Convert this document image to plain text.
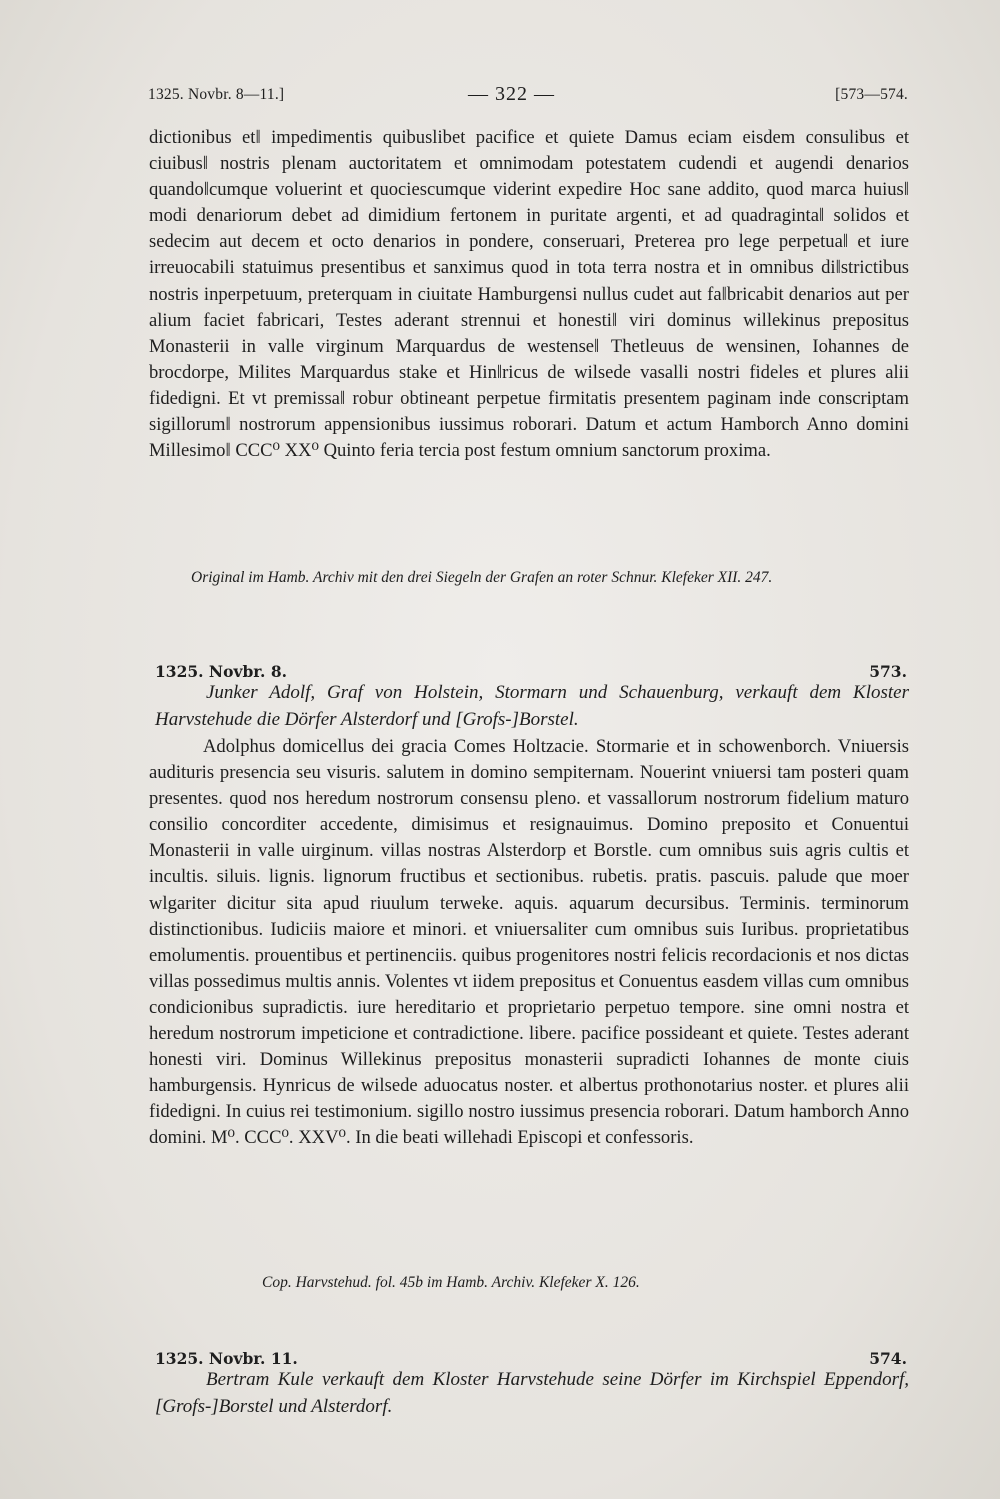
1325. Novbr. 8—11.]	— 322 —	[573—574.
dictionibus et‖ impedimentis quibuslibet pacifice et quiete Damus eciam eisdem consulibus et ciuibus‖ nostris plenam auctoritatem et omnimodam potestatem cudendi et augendi denarios quando‖cumque voluerint et quociescumque viderint expedire Hoc sane addito, quod marca huius‖ modi denariorum debet ad dimidium fertonem in puritate argenti, et ad quadraginta‖ solidos et sedecim aut decem et octo denarios in pondere, conseruari, Preterea pro lege perpetua‖ et iure irreuocabili statuimus presentibus et sanximus quod in tota terra nostra et in omnibus di‖strictibus nostris inperpetuum, preterquam in ciuitate Hamburgensi nullus cudet aut fa‖bricabit denarios aut per alium faciet fabricari, Testes aderant strennui et honesti‖ viri dominus willekinus prepositus Monasterii in valle virginum Marquardus de westense‖ Thetleuus de wensinen, Iohannes de brocdorpe, Milites Marquardus stake et Hin‖ricus de wilsede vasalli nostri fideles et plures alii fidedigni. Et vt premissa‖ robur obtineant perpetue firmitatis presentem paginam inde conscriptam sigillorum‖ nostrorum appensionibus iussimus roborari. Datum et actum Hamborch Anno domini Millesimo‖ CCC⁰ XX⁰ Quinto feria tercia post festum omnium sanctorum proxima.
Original im Hamb. Archiv mit den drei Siegeln der Grafen an roter Schnur. Klefeker XII. 247.
1325. Novbr. 8.	573.
Junker Adolf, Graf von Holstein, Stormarn und Schauenburg, verkauft dem Kloster Harvstehude die Dörfer Alsterdorf und [Grofs-]Borstel.
Adolphus domicellus dei gracia Comes Holtzacie. Stormarie et in schowenborch. Vniuersis audituris presencia seu visuris. salutem in domino sempiternam. Nouerint vniuersi tam posteri quam presentes. quod nos heredum nostrorum consensu pleno. et vassallorum nostrorum fidelium maturo consilio concorditer accedente, dimisimus et resignauimus. Domino preposito et Conuentui Monasterii in valle uirginum. villas nostras Alsterdorp et Borstle. cum omnibus suis agris cultis et incultis. siluis. lignis. lignorum fructibus et sectionibus. rubetis. pratis. pascuis. palude que moer wlgariter dicitur sita apud riuulum terweke. aquis. aquarum decursibus. Terminis. terminorum distinctionibus. Iudiciis maiore et minori. et vniuersaliter cum omnibus suis Iuribus. proprietatibus emolumentis. prouentibus et pertinenciis. quibus progenitores nostri felicis recordacionis et nos dictas villas possedimus multis annis. Volentes vt iidem prepositus et Conuentus easdem villas cum omnibus condicionibus supradictis. iure hereditario et proprietario perpetuo tempore. sine omni nostra et heredum nostrorum impeticione et contradictione. libere. pacifice possideant et quiete. Testes aderant honesti viri. Dominus Willekinus prepositus monasterii supradicti Iohannes de monte ciuis hamburgensis. Hynricus de wilsede aduocatus noster. et albertus prothonotarius noster. et plures alii fidedigni. In cuius rei testimonium. sigillo nostro iussimus presencia roborari. Datum hamborch Anno domini. M⁰. CCC⁰. XXV⁰. In die beati willehadi Episcopi et confessoris.
Cop. Harvstehud. fol. 45b im Hamb. Archiv. Klefeker X. 126.
1325. Novbr. 11.	574.
Bertram Kule verkauft dem Kloster Harvstehude seine Dörfer im Kirchspiel Eppendorf, [Grofs-]Borstel und Alsterdorf.
